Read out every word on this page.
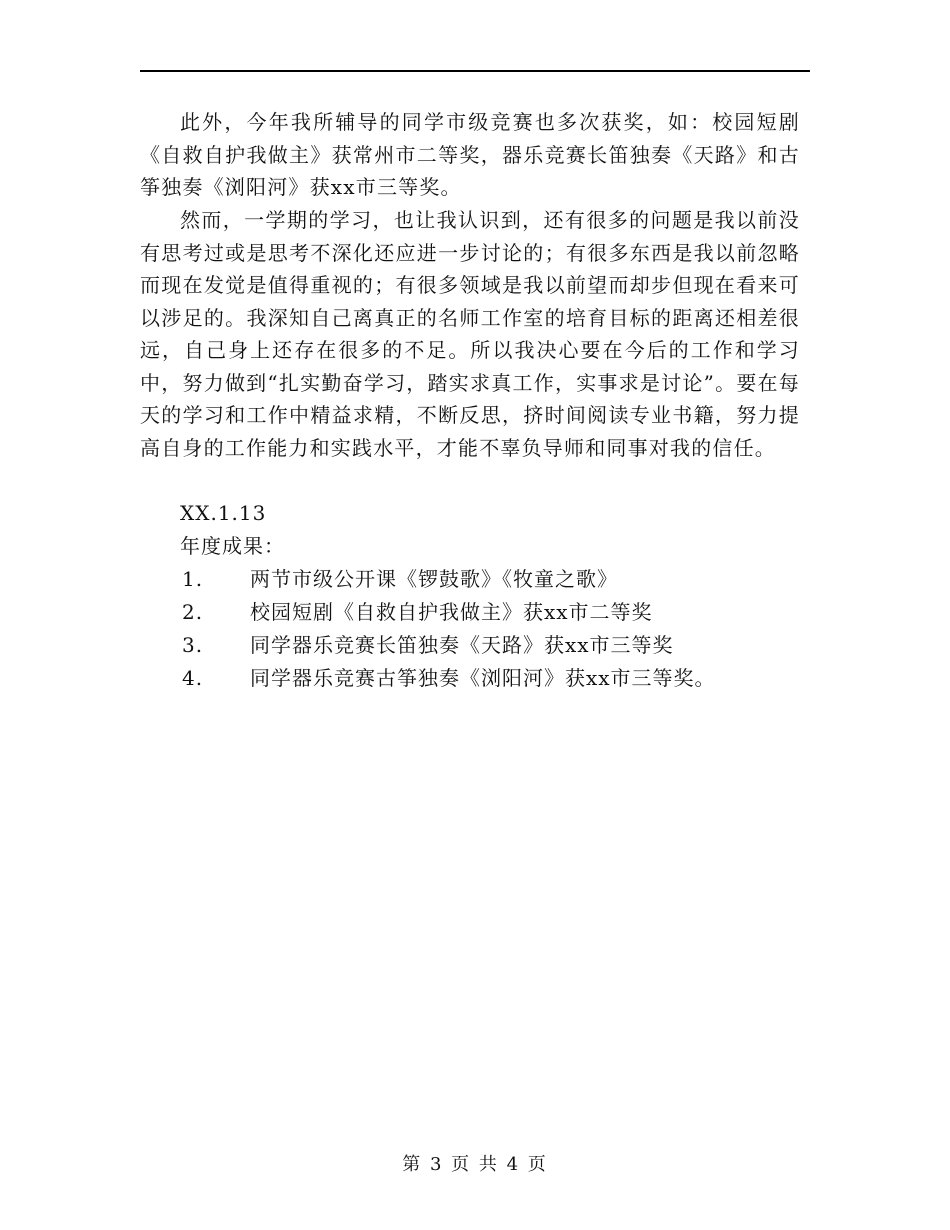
此外，今年我所辅导的同学市级竞赛也多次获奖，如：校园短剧《自救自护我做主》获常州市二等奖，器乐竞赛长笛独奏《天路》和古筝独奏《浏阳河》获xx市三等奖。
然而，一学期的学习，也让我认识到，还有很多的问题是我以前没有思考过或是思考不深化还应进一步讨论的；有很多东西是我以前忽略而现在发觉是值得重视的；有很多领域是我以前望而却步但现在看来可以涉足的。我深知自己离真正的名师工作室的培育目标的距离还相差很远，自己身上还存在很多的不足。所以我决心要在今后的工作和学习中，努力做到“扎实勤奋学习，踏实求真工作，实事求是讨论”。要在每天的学习和工作中精益求精，不断反思，挤时间阅读专业书籍，努力提高自身的工作能力和实践水平，才能不辜负导师和同事对我的信任。
XX.1.13
年度成果：
1. 两节市级公开课《锣鼓歌》《牧童之歌》
2. 校园短剧《自救自护我做主》获xx市二等奖
3. 同学器乐竞赛长笛独奏《天路》获xx市三等奖
4. 同学器乐竞赛古筝独奏《浏阳河》获xx市三等奖。
第 3 页 共 4 页
